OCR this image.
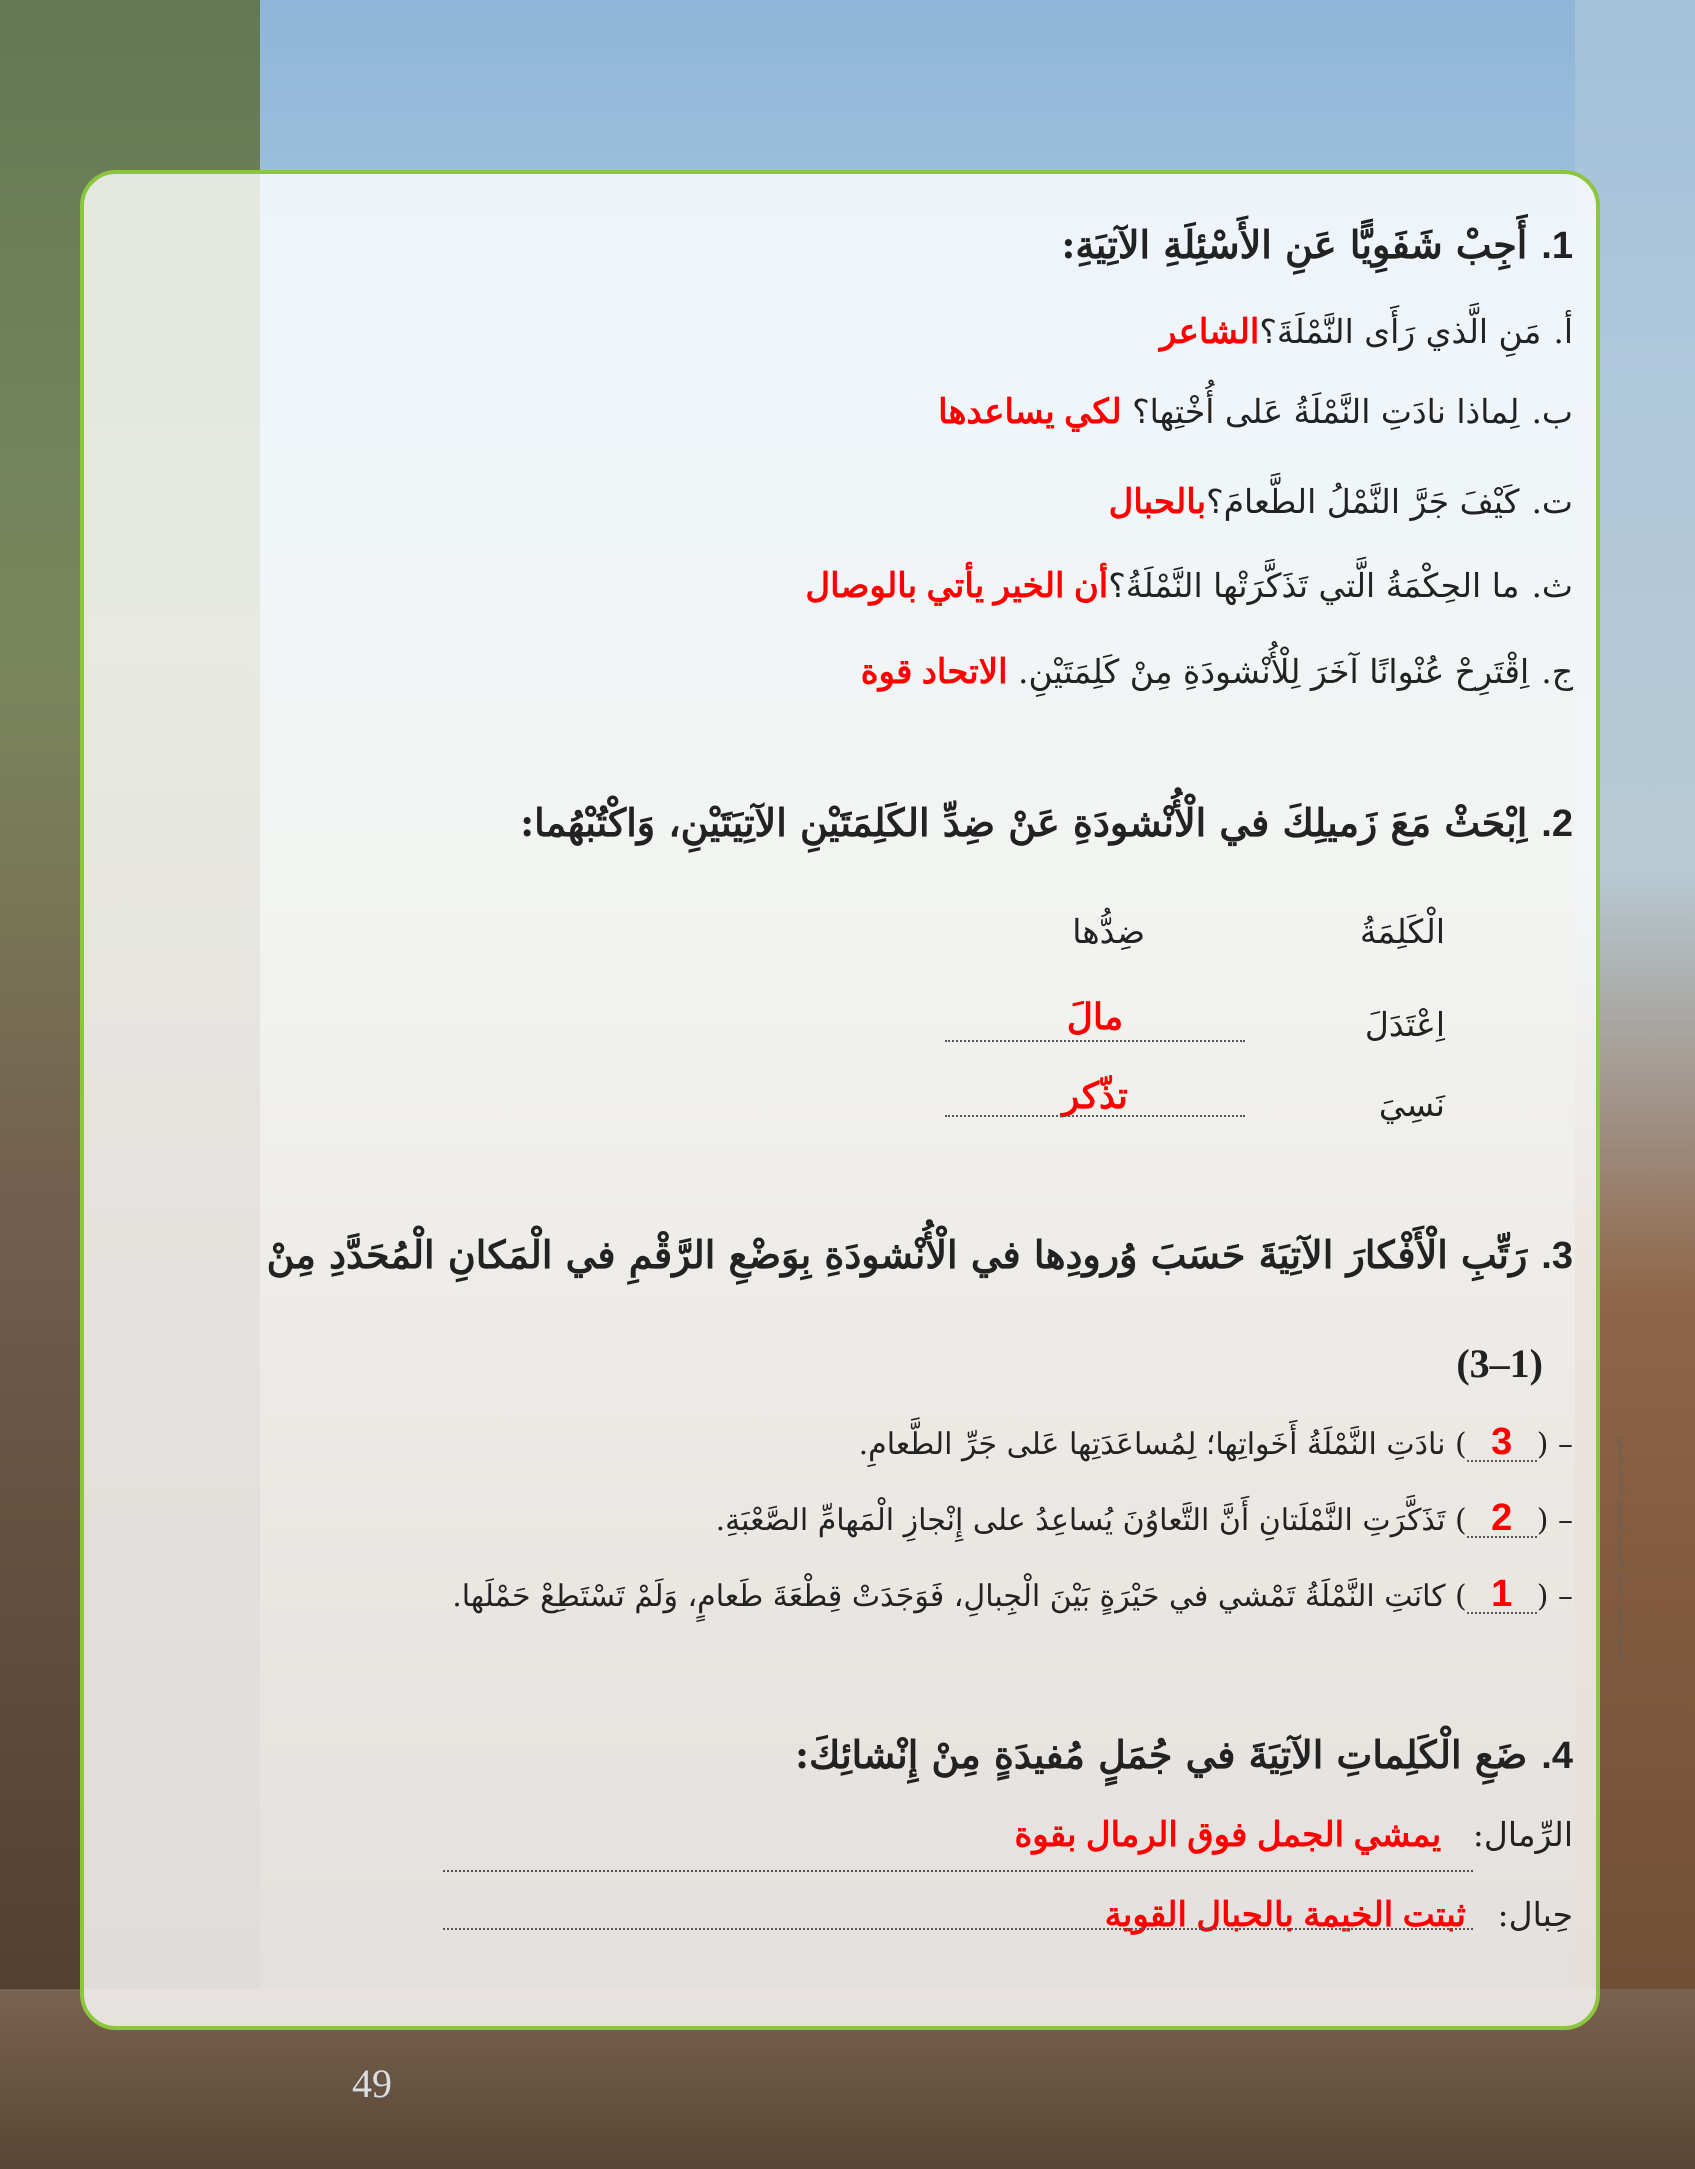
المنهاج المطور - التعليم الأساسي النشاطي التفاعلي المطور
1.أَجِبْ شَفَوِيًّا عَنِ الأَسْئِلَةِ الآتِيَةِ:
أ.مَنِ الَّذي رَأَى النَّمْلَةَ؟الشاعر
ب.لِماذا نادَتِ النَّمْلَةُ عَلى أُخْتِها؟ لكي يساعدها
ت.كَيْفَ جَرَّ النَّمْلُ الطَّعامَ؟بالحبال
ث.ما الحِكْمَةُ الَّتي تَذَكَّرَتْها النَّمْلَةُ؟أن الخير يأتي بالوصال
ج.اِقْتَرِحْ عُنْوانًا آخَرَ لِلْأُنْشودَةِ مِنْ كَلِمَتَيْنِ. الاتحاد قوة
2.اِبْحَثْ مَعَ زَميلِكَ في الْأُنْشودَةِ عَنْ ضِدِّ الكَلِمَتَيْنِ الآتِيَتَيْنِ، وَاكْتُبْهُما:
الْكَلِمَةُ
ضِدُّها
اِعْتَدَلَ
مالَ
نَسِيَ
تذّكر
3.رَتِّبِ الْأَفْكارَ الآتِيَةَ حَسَبَ وُرودِها في الْأُنْشودَةِ بِوَضْعِ الرَّقْمِ في الْمَكانِ الْمُحَدَّدِ مِنْ
(3–1)
– (3) نادَتِ النَّمْلَةُ أَخَواتِها؛ لِمُساعَدَتِها عَلى جَرِّ الطَّعامِ.
– (2) تَذَكَّرَتِ النَّمْلَتانِ أَنَّ التَّعاوُنَ يُساعِدُ على إِنْجازِ الْمَهامِّ الصَّعْبَةِ.
– (1) كانَتِ النَّمْلَةُ تَمْشي في حَيْرَةٍ بَيْنَ الْجِبالِ، فَوَجَدَتْ قِطْعَةَ طَعامٍ، وَلَمْ تَسْتَطِعْ حَمْلَها.
4.ضَعِ الْكَلِماتِ الآتِيَةَ في جُمَلٍ مُفيدَةٍ مِنْ إِنْشائِكَ:
الرِّمال:   يمشي الجمل فوق الرمال بقوة
حِبال:   ثبتت الخيمة بالحبال القوية
49
